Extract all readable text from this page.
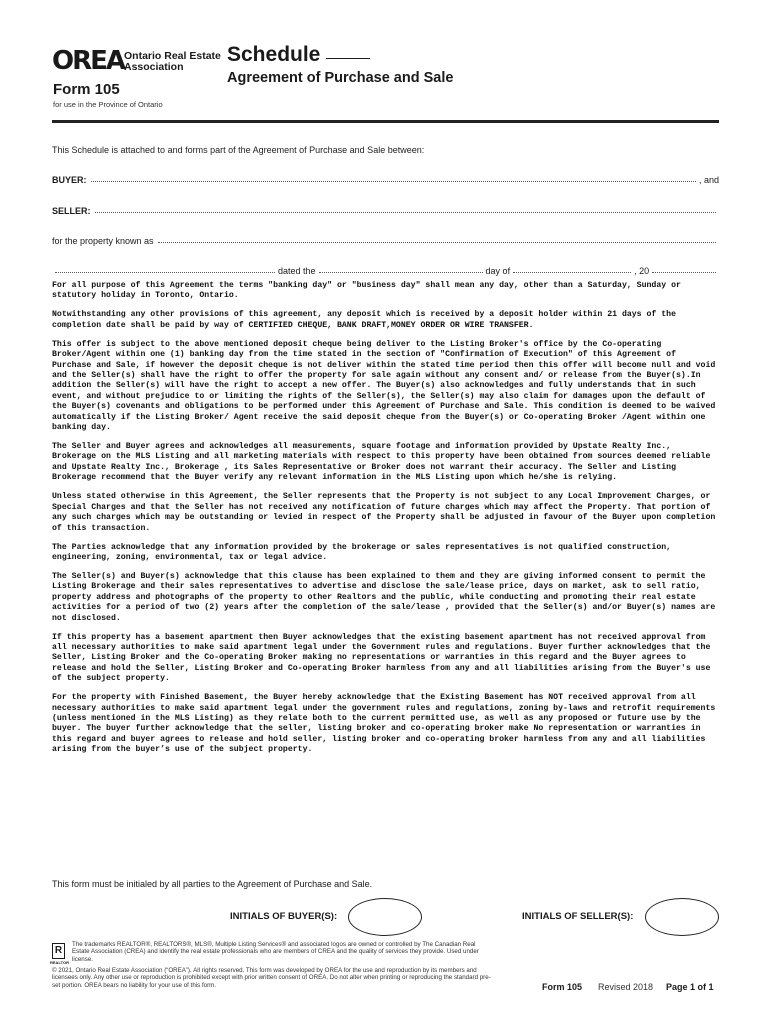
OREA Ontario Real Estate
Association
Form 105
for use in the Province of Ontario
Schedule
Agreement of Purchase and Sale
This Schedule is attached to and forms part of the Agreement of Purchase and Sale between:
BUYER:	, and
SELLER:
for the property known as
dated the	day of	, 20

For all purpose of this Agreement the terms "banking day" or "business day" shall mean any day, other than a Saturday, Sunday or statutory holiday in Toronto, Ontario.

Notwithstanding any other provisions of this agreement, any deposit which is received by a deposit holder within 21 days of the completion date shall be paid by way of CERTIFIED CHEQUE, BANK DRAFT,MONEY ORDER OR WIRE TRANSFER.

This offer is subject to the above mentioned deposit cheque being deliver to the Listing Broker's office by the Co-operating Broker/Agent within one (1) banking day from the time stated in the section of "Confirmation of Execution" of this Agreement of Purchase and Sale, if however the deposit cheque is not deliver within the stated time period then this offer will become null and void and the Seller(s) shall have the right to offer the property for sale again without any consent and/ or release from the Buyer(s).In addition the Seller(s) will have the right to accept a new offer. The Buyer(s) also acknowledges and fully understands that in such event, and without prejudice to or limiting the rights of the Seller(s), the Seller(s) may also claim for damages upon the default of the Buyer(s) covenants and obligations to be performed under this Agreement of Purchase and Sale. This condition is deemed to be waived automatically if the Listing Broker/ Agent receive the said deposit cheque from the Buyer(s) or Co-operating Broker /Agent within one banking day.

The Seller and Buyer agrees and acknowledges all measurements, square footage and information provided by Upstate Realty Inc., Brokerage on the MLS Listing and all marketing materials with respect to this property have been obtained from sources deemed reliable and Upstate Realty Inc., Brokerage , its Sales Representative or Broker does not warrant their accuracy. The Seller and Listing Brokerage recommend that the Buyer verify any relevant information in the MLS Listing upon which he/she is relying.

Unless stated otherwise in this Agreement, the Seller represents that the Property is not subject to any Local Improvement Charges, or Special Charges and that the Seller has not received any notification of future charges which may affect the Property. That portion of any such charges which may be outstanding or levied in respect of the Property shall be adjusted in favour of the Buyer upon completion of this transaction.

The Parties acknowledge that any information provided by the brokerage or sales representatives is not qualified construction, engineering, zoning, environmental, tax or legal advice.

The Seller(s) and Buyer(s) acknowledge that this clause has been explained to them and they are giving informed consent to permit the Listing Brokerage and their sales representatives to advertise and disclose the sale/lease price, days on market, ask to sell ratio, property address and photographs of the property to other Realtors and the public, while conducting and promoting their real estate activities for a period of two (2) years after the completion of the sale/lease , provided that the Seller(s) and/or Buyer(s) names are not disclosed.

If this property has a basement apartment then Buyer acknowledges that the existing basement apartment has not received approval from all necessary authorities to make said apartment legal under the Government rules and regulations. Buyer further acknowledges that the Seller, Listing Broker and the Co-operating Broker making no representations or warranties in this regard and the Buyer agrees to release and hold the Seller, Listing Broker and Co-operating Broker harmless from any and all liabilities arising from the Buyer's use of the subject property.

For the property with Finished Basement, the Buyer hereby acknowledge that the Existing Basement has NOT received approval from all necessary authorities to make said apartment legal under the government rules and regulations, zoning by-laws and retrofit requirements (unless mentioned in the MLS Listing) as they relate both to the current permitted use, as well as any proposed or future use by the buyer. The buyer further acknowledge that the seller, listing broker and co-operating broker make No representation or warranties in this regard and buyer agrees to release and hold seller, listing broker and co-operating broker harmless from any and all liabilities arising from the buyer’s use of the subject property.

This form must be initialed by all parties to the Agreement of Purchase and Sale.
INITIALS OF BUYER(S):	INITIALS OF SELLER(S):
R
REALTOR
The trademarks REALTOR®, REALTORS®, MLS®, Multiple Listing Services® and associated logos are owned or controlled by The Canadian Real Estate Association (CREA) and identify the real estate professionals who are members of CREA and the quality of services they provide. Used under license.
© 2021, Ontario Real Estate Association (“OREA”). All rights reserved. This form was developed by OREA for the use and reproduction by its members and licensees only. Any other use or reproduction is prohibited except with prior written consent of OREA. Do not alter when printing or reproducing the standard pre-set portion. OREA bears no liability for your use of this form.	Form 105 Revised 2018 Page 1 of 1
